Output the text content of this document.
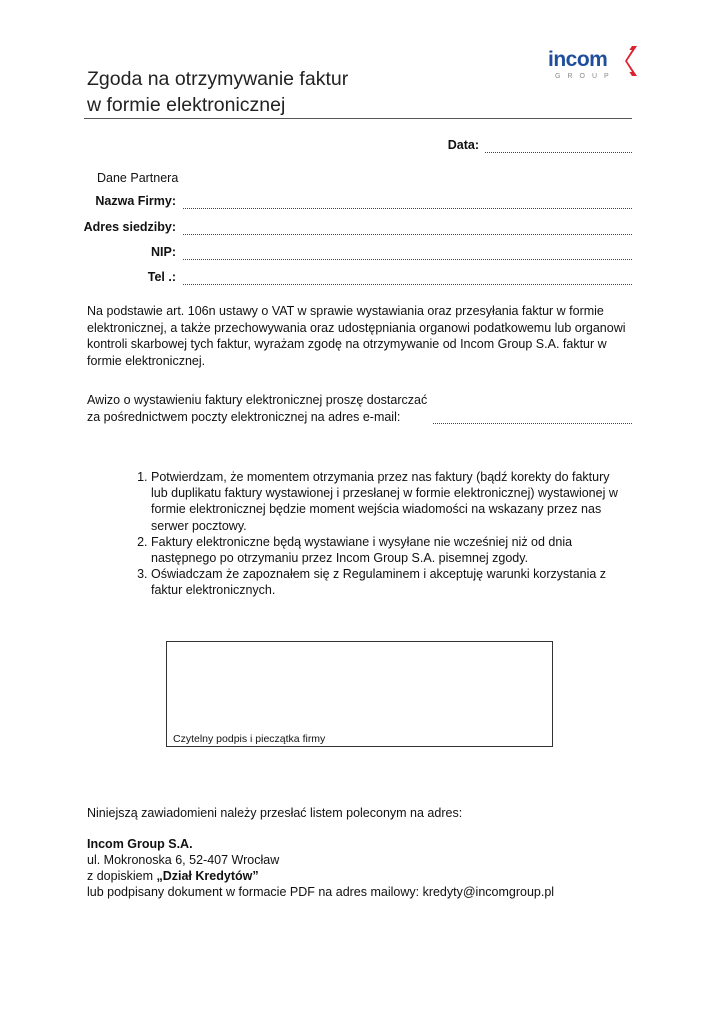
Zgoda na otrzymywanie faktur
w formie elektronicznej
incom
GROUP
Data:
Dane Partnera
Nazwa Firmy:
Adres siedziby:
NIP:
Tel .:
Na podstawie art. 106n ustawy o VAT w sprawie wystawiania oraz przesyłania faktur w formie
elektronicznej, a także przechowywania oraz udostępniania organowi podatkowemu lub organowi
kontroli skarbowej tych faktur, wyrażam zgodę na otrzymywanie od Incom Group S.A. faktur w
formie elektronicznej.
Awizo o wystawieniu faktury elektronicznej proszę dostarczać
za pośrednictwem poczty elektronicznej na adres e-mail:
1. Potwierdzam, że momentem otrzymania przez nas faktury (bądź korekty do faktury lub duplikatu faktury wystawionej i przesłanej w formie elektronicznej) wystawionej w formie elektronicznej będzie moment wejścia wiadomości na wskazany przez nas serwer pocztowy.
2. Faktury elektroniczne będą wystawiane i wysyłane nie wcześniej niż od dnia następnego po otrzymaniu przez Incom Group S.A. pisemnej zgody.
3. Oświadczam że zapoznałem się z Regulaminem i akceptuję warunki korzystania z faktur elektronicznych.
Czytelny podpis i pieczątka firmy
Niniejszą zawiadomieni należy przesłać listem poleconym na adres:
Incom Group S.A.
ul. Mokronoska 6, 52-407 Wrocław
z dopiskiem „Dział Kredytów”
lub podpisany dokument w formacie PDF na adres mailowy: kredyty@incomgroup.pl
